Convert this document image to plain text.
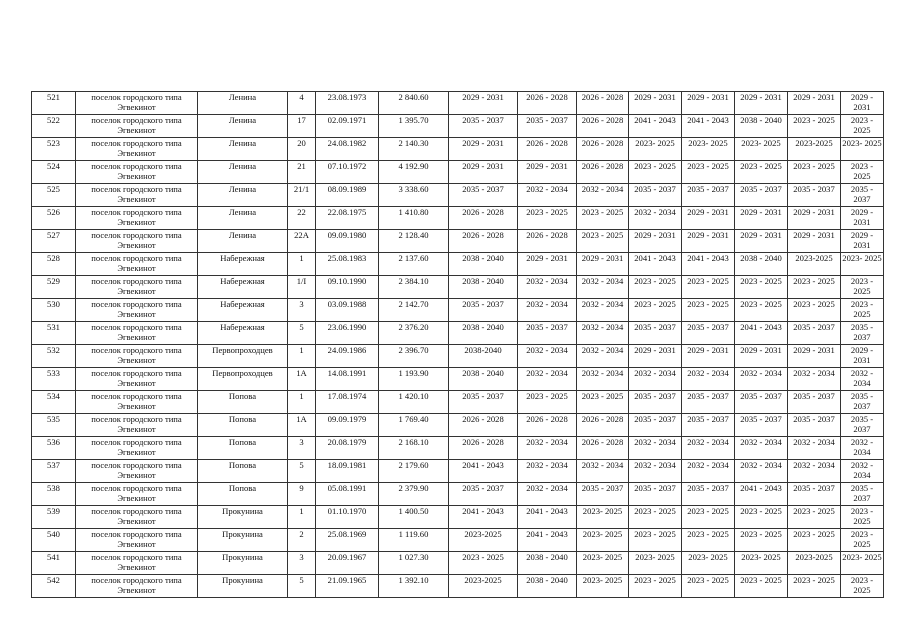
521	поселок городского типа Эгвекинот	Ленина	4	23.08.1973	2 840.60	2029 - 2031	2026 - 2028	2026 - 2028	2029 - 2031	2029 - 2031	2029 - 2031	2029 - 2031	2029 - 2031
522	поселок городского типа Эгвекинот	Ленина	17	02.09.1971	1 395.70	2035 - 2037	2035 - 2037	2026 - 2028	2041 - 2043	2041 - 2043	2038 - 2040	2023 - 2025	2023 - 2025
523	поселок городского типа Эгвекинот	Ленина	20	24.08.1982	2 140.30	2029 - 2031	2026 - 2028	2026 - 2028	2023- 2025	2023- 2025	2023- 2025	2023-2025	2023- 2025
524	поселок городского типа Эгвекинот	Ленина	21	07.10.1972	4 192.90	2029 - 2031	2029 - 2031	2026 - 2028	2023 - 2025	2023 - 2025	2023 - 2025	2023 - 2025	2023 - 2025
525	поселок городского типа Эгвекинот	Ленина	21/1	08.09.1989	3 338.60	2035 - 2037	2032 - 2034	2032 - 2034	2035 - 2037	2035 - 2037	2035 - 2037	2035 - 2037	2035 - 2037
526	поселок городского типа Эгвекинот	Ленина	22	22.08.1975	1 410.80	2026 - 2028	2023 - 2025	2023 - 2025	2032 - 2034	2029 - 2031	2029 - 2031	2029 - 2031	2029 - 2031
527	поселок городского типа Эгвекинот	Ленина	22А	09.09.1980	2 128.40	2026 - 2028	2026 - 2028	2023 - 2025	2029 - 2031	2029 - 2031	2029 - 2031	2029 - 2031	2029 - 2031
528	поселок городского типа Эгвекинот	Набережная	1	25.08.1983	2 137.60	2038 - 2040	2029 - 2031	2029 - 2031	2041 - 2043	2041 - 2043	2038 - 2040	2023-2025	2023- 2025
529	поселок городского типа Эгвекинот	Набережная	1/I	09.10.1990	2 384.10	2038 - 2040	2032 - 2034	2032 - 2034	2023 - 2025	2023 - 2025	2023 - 2025	2023 - 2025	2023 - 2025
530	поселок городского типа Эгвекинот	Набережная	3	03.09.1988	2 142.70	2035 - 2037	2032 - 2034	2032 - 2034	2023 - 2025	2023 - 2025	2023 - 2025	2023 - 2025	2023 - 2025
531	поселок городского типа Эгвекинот	Набережная	5	23.06.1990	2 376.20	2038 - 2040	2035 - 2037	2032 - 2034	2035 - 2037	2035 - 2037	2041 - 2043	2035 - 2037	2035 - 2037
532	поселок городского типа Эгвекинот	Первопроходцев	1	24.09.1986	2 396.70	2038-2040	2032 - 2034	2032 - 2034	2029 - 2031	2029 - 2031	2029 - 2031	2029 - 2031	2029 - 2031
533	поселок городского типа Эгвекинот	Первопроходцев	1А	14.08.1991	1 193.90	2038 - 2040	2032 - 2034	2032 - 2034	2032 - 2034	2032 - 2034	2032 - 2034	2032 - 2034	2032 - 2034
534	поселок городского типа Эгвекинот	Попова	1	17.08.1974	1 420.10	2035 - 2037	2023 - 2025	2023 - 2025	2035 - 2037	2035 - 2037	2035 - 2037	2035 - 2037	2035 - 2037
535	поселок городского типа Эгвекинот	Попова	1А	09.09.1979	1 769.40	2026 - 2028	2026 - 2028	2026 - 2028	2035 - 2037	2035 - 2037	2035 - 2037	2035 - 2037	2035 - 2037
536	поселок городского типа Эгвекинот	Попова	3	20.08.1979	2 168.10	2026 - 2028	2032 - 2034	2026 - 2028	2032 - 2034	2032 - 2034	2032 - 2034	2032 - 2034	2032 - 2034
537	поселок городского типа Эгвекинот	Попова	5	18.09.1981	2 179.60	2041 - 2043	2032 - 2034	2032 - 2034	2032 - 2034	2032 - 2034	2032 - 2034	2032 - 2034	2032 - 2034
538	поселок городского типа Эгвекинот	Попова	9	05.08.1991	2 379.90	2035 - 2037	2032 - 2034	2035 - 2037	2035 - 2037	2035 - 2037	2041 - 2043	2035 - 2037	2035 - 2037
539	поселок городского типа Эгвекинот	Прокунина	1	01.10.1970	1 400.50	2041 - 2043	2041 - 2043	2023- 2025	2023 - 2025	2023 - 2025	2023 - 2025	2023 - 2025	2023 - 2025
540	поселок городского типа Эгвекинот	Прокунина	2	25.08.1969	1 119.60	2023-2025	2041 - 2043	2023- 2025	2023 - 2025	2023 - 2025	2023 - 2025	2023 - 2025	2023 - 2025
541	поселок городского типа Эгвекинот	Прокунина	3	20.09.1967	1 027.30	2023 - 2025	2038 - 2040	2023- 2025	2023- 2025	2023- 2025	2023- 2025	2023-2025	2023- 2025
542	поселок городского типа Эгвекинот	Прокунина	5	21.09.1965	1 392.10	2023-2025	2038 - 2040	2023- 2025	2023 - 2025	2023 - 2025	2023 - 2025	2023 - 2025	2023 - 2025
